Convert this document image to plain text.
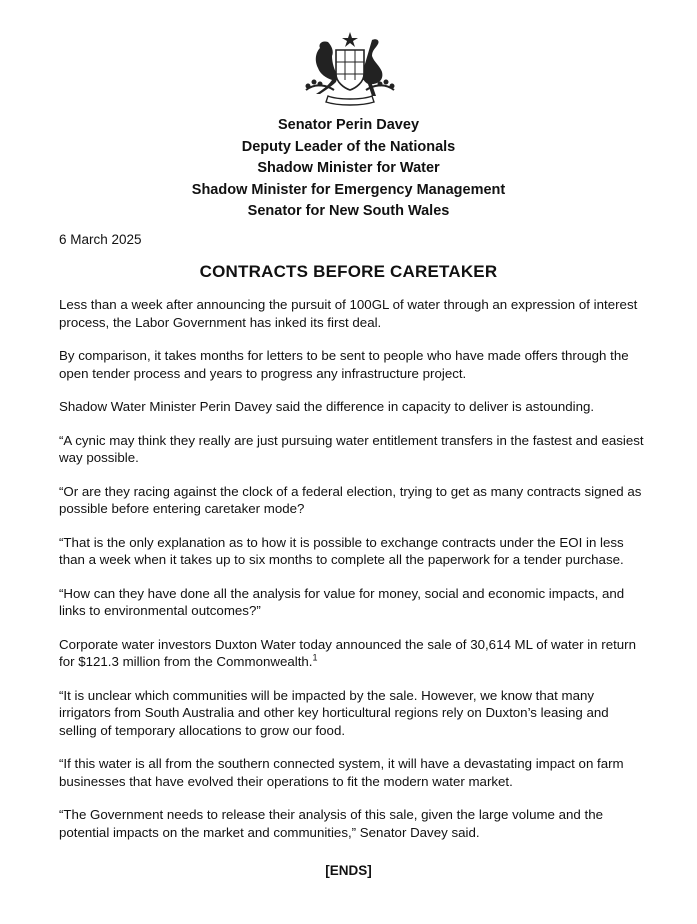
Senator Perin Davey
Deputy Leader of the Nationals
Shadow Minister for Water
Shadow Minister for Emergency Management
Senator for New South Wales
6 March 2025
CONTRACTS BEFORE CARETAKER

Less than a week after announcing the pursuit of 100GL of water through an expression of interest process, the Labor Government has inked its first deal.

By comparison, it takes months for letters to be sent to people who have made offers through the open tender process and years to progress any infrastructure project.

Shadow Water Minister Perin Davey said the difference in capacity to deliver is astounding.

“A cynic may think they really are just pursuing water entitlement transfers in the fastest and easiest way possible.

“Or are they racing against the clock of a federal election, trying to get as many contracts signed as possible before entering caretaker mode?

“That is the only explanation as to how it is possible to exchange contracts under the EOI in less than a week when it takes up to six months to complete all the paperwork for a tender purchase.

“How can they have done all the analysis for value for money, social and economic impacts, and links to environmental outcomes?”

Corporate water investors Duxton Water today announced the sale of 30,614 ML of water in return for $121.3 million from the Commonwealth.$^1$

“It is unclear which communities will be impacted by the sale. However, we know that many irrigators from South Australia and other key horticultural regions rely on Duxton’s leasing and selling of temporary allocations to grow our food.

“If this water is all from the southern connected system, it will have a devastating impact on farm businesses that have evolved their operations to fit the modern water market.

“The Government needs to release their analysis of this sale, given the large volume and the potential impacts on the market and communities,” Senator Davey said.

[ENDS]
